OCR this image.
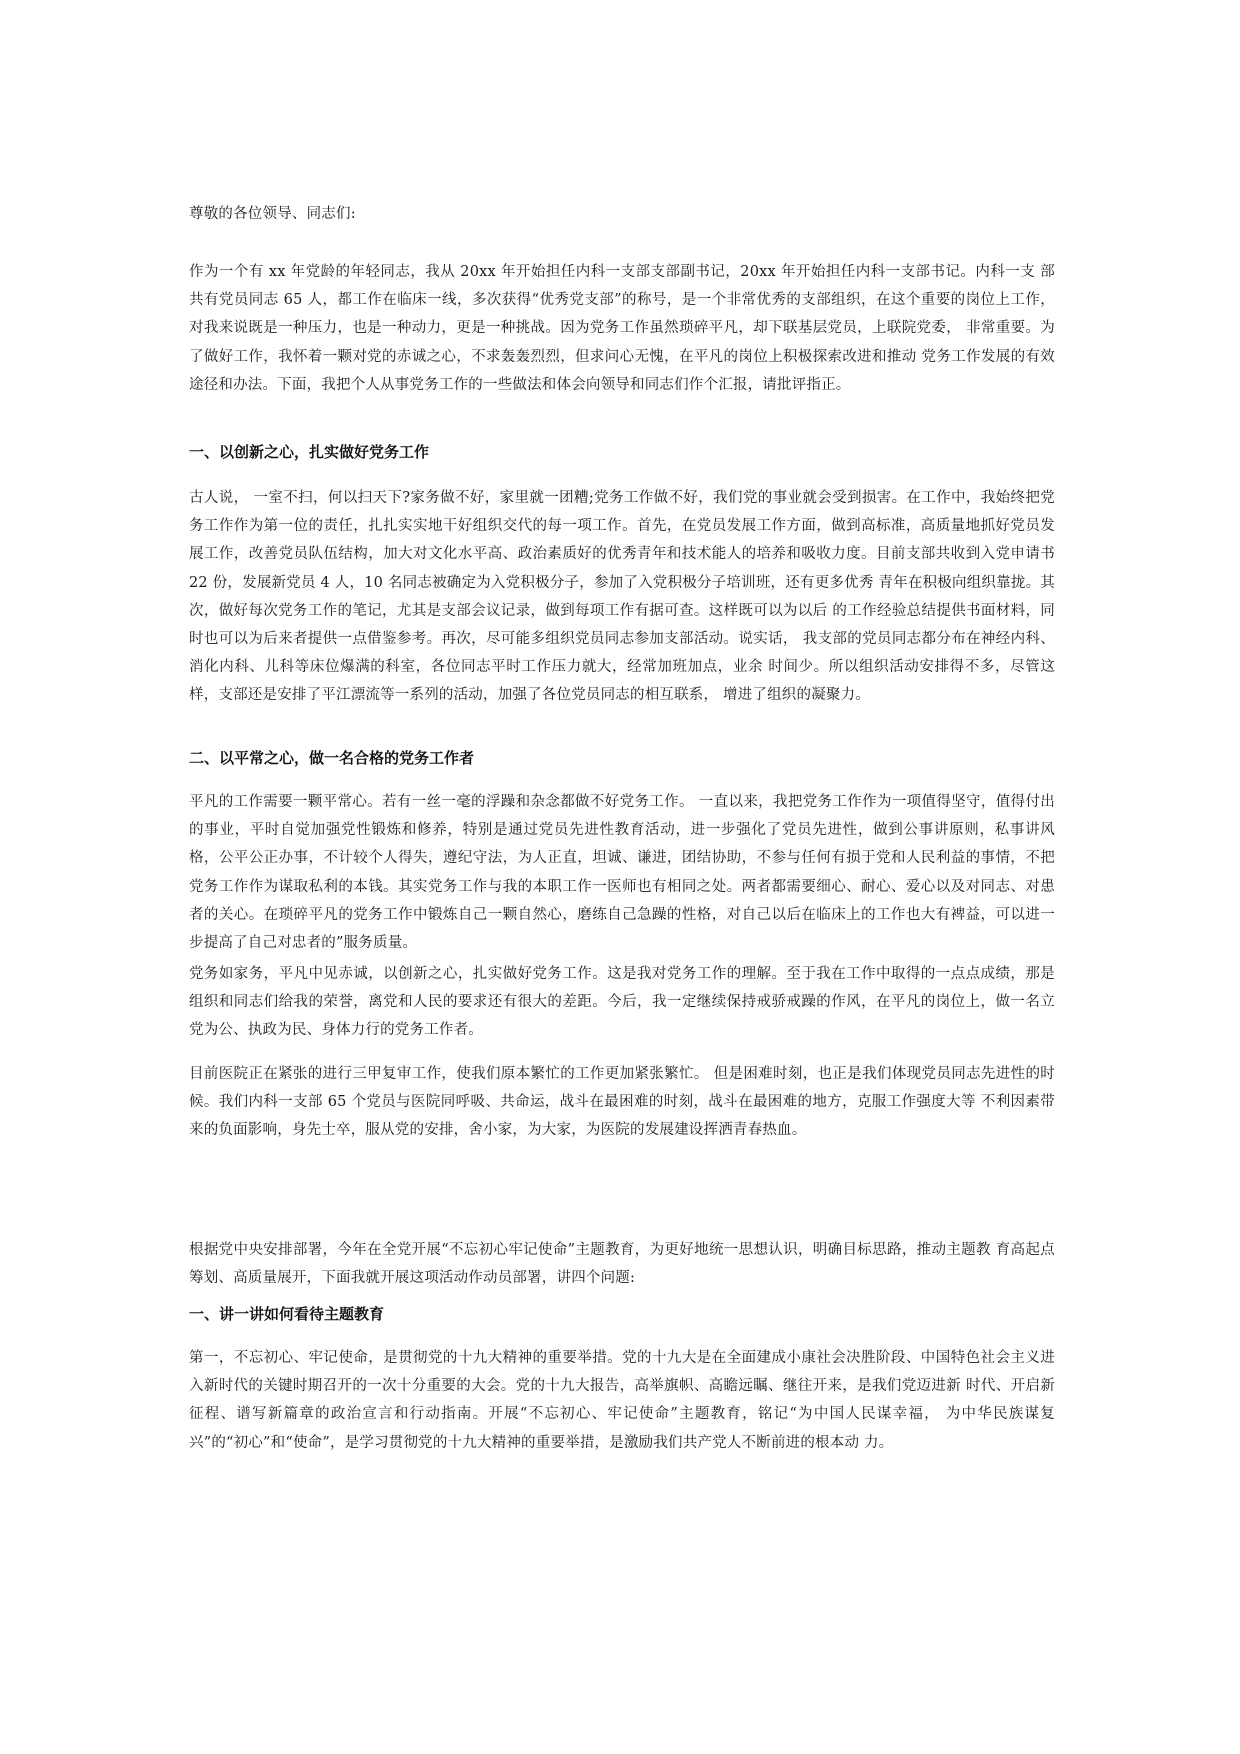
尊敬的各位领导、同志们:

作为一个有 xx 年党龄的年轻同志，我从 20xx 年开始担任内科一支部支部副书记，20xx 年开始担任内科一支部书记。内科一支 部共有党员同志 65 人，都工作在临床一线，多次获得“优秀党支部”的称号，是一个非常优秀的支部组织，在这个重要的岗位上工作，对我来说既是一种压力，也是一种动力，更是一种挑战。因为党务工作虽然琐碎平凡，却下联基层党员，上联院党委， 非常重要。为了做好工作，我怀着一颗对党的赤诚之心，不求轰轰烈烈，但求问心无愧，在平凡的岗位上积极探索改进和推动 党务工作发展的有效途径和办法。下面，我把个人从事党务工作的一些做法和体会向领导和同志们作个汇报，请批评指正。

一、以创新之心，扎实做好党务工作

古人说， 一室不扫，何以扫天下?家务做不好，家里就一团糟;党务工作做不好，我们党的事业就会受到损害。在工作中，我始终把党务工作作为第一位的责任，扎扎实实地干好组织交代的每一项工作。首先，在党员发展工作方面，做到高标准，高质量地抓好党员发展工作，改善党员队伍结构，加大对文化水平高、政治素质好的优秀青年和技术能人的培养和吸收力度。目前支部共收到入党申请书 22 份，发展新党员 4 人，10 名同志被确定为入党积极分子，参加了入党积极分子培训班，还有更多优秀 青年在积极向组织靠拢。其次，做好每次党务工作的笔记，尤其是支部会议记录，做到每项工作有据可查。这样既可以为以后 的工作经验总结提供书面材料，同时也可以为后来者提供一点借鉴参考。再次，尽可能多组织党员同志参加支部活动。说实话， 我支部的党员同志都分布在神经内科、消化内科、儿科等床位爆满的科室，各位同志平时工作压力就大，经常加班加点，业余 时间少。所以组织活动安排得不多，尽管这样，支部还是安排了平江漂流等一系列的活动，加强了各位党员同志的相互联系， 增进了组织的凝聚力。

二、以平常之心，做一名合格的党务工作者

平凡的工作需要一颗平常心。若有一丝一毫的浮躁和杂念都做不好党务工作。 一直以来，我把党务工作作为一项值得坚守，值得付出的事业，平时自觉加强党性锻炼和修养，特别是通过党员先进性教育活动，进一步强化了党员先进性，做到公事讲原则，私事讲风格，公平公正办事，不计较个人得失，遵纪守法，为人正直，坦诚、谦进，团结协助，不参与任何有损于党和人民利益的事情，不把党务工作作为谋取私利的本钱。其实党务工作与我的本职工作一医师也有相同之处。两者都需要细心、耐心、爱心以及对同志、对患者的关心。在琐碎平凡的党务工作中锻炼自己一颗自然心，磨练自己急躁的性格，对自己以后在临床上的工作也大有裨益，可以进一步提高了自己对忠者的”服务质量。

党务如家务，平凡中见赤诚，以创新之心，扎实做好党务工作。这是我对党务工作的理解。至于我在工作中取得的一点点成绩，那是组织和同志们给我的荣誉，离党和人民的要求还有很大的差距。今后，我一定继续保持戒骄戒躁的作风，在平凡的岗位上，做一名立党为公、执政为民、身体力行的党务工作者。

目前医院正在紧张的进行三甲复审工作，使我们原本繁忙的工作更加紧张繁忙。 但是困难时刻，也正是我们体现党员同志先进性的时候。我们内科一支部 65 个党员与医院同呼吸、共命运，战斗在最困难的时刻，战斗在最困难的地方，克服工作强度大等 不利因素带来的负面影响，身先士卒，服从党的安排，舍小家，为大家，为医院的发展建设挥洒青春热血。

根据党中央安排部署，今年在全党开展“不忘初心牢记使命”主题教育，为更好地统一思想认识，明确目标思路，推动主题教 育高起点筹划、高质量展开，下面我就开展这项活动作动员部署，讲四个问题:

一、讲一讲如何看待主题教育

第一，不忘初心、牢记使命，是贯彻党的十九大精神的重要举措。党的十九大是在全面建成小康社会决胜阶段、中国特色社会主义进入新时代的关键时期召开的一次十分重要的大会。党的十九大报告，高举旗帜、高瞻远瞩、继往开来，是我们党迈进新 时代、开启新征程、谱写新篇章的政治宣言和行动指南。开展“不忘初心、牢记使命”主题教育，铭记“为中国人民谋幸福， 为中华民族谋复兴”的“初心”和“使命”，是学习贯彻党的十九大精神的重要举措，是激励我们共产党人不断前进的根本动 力。
